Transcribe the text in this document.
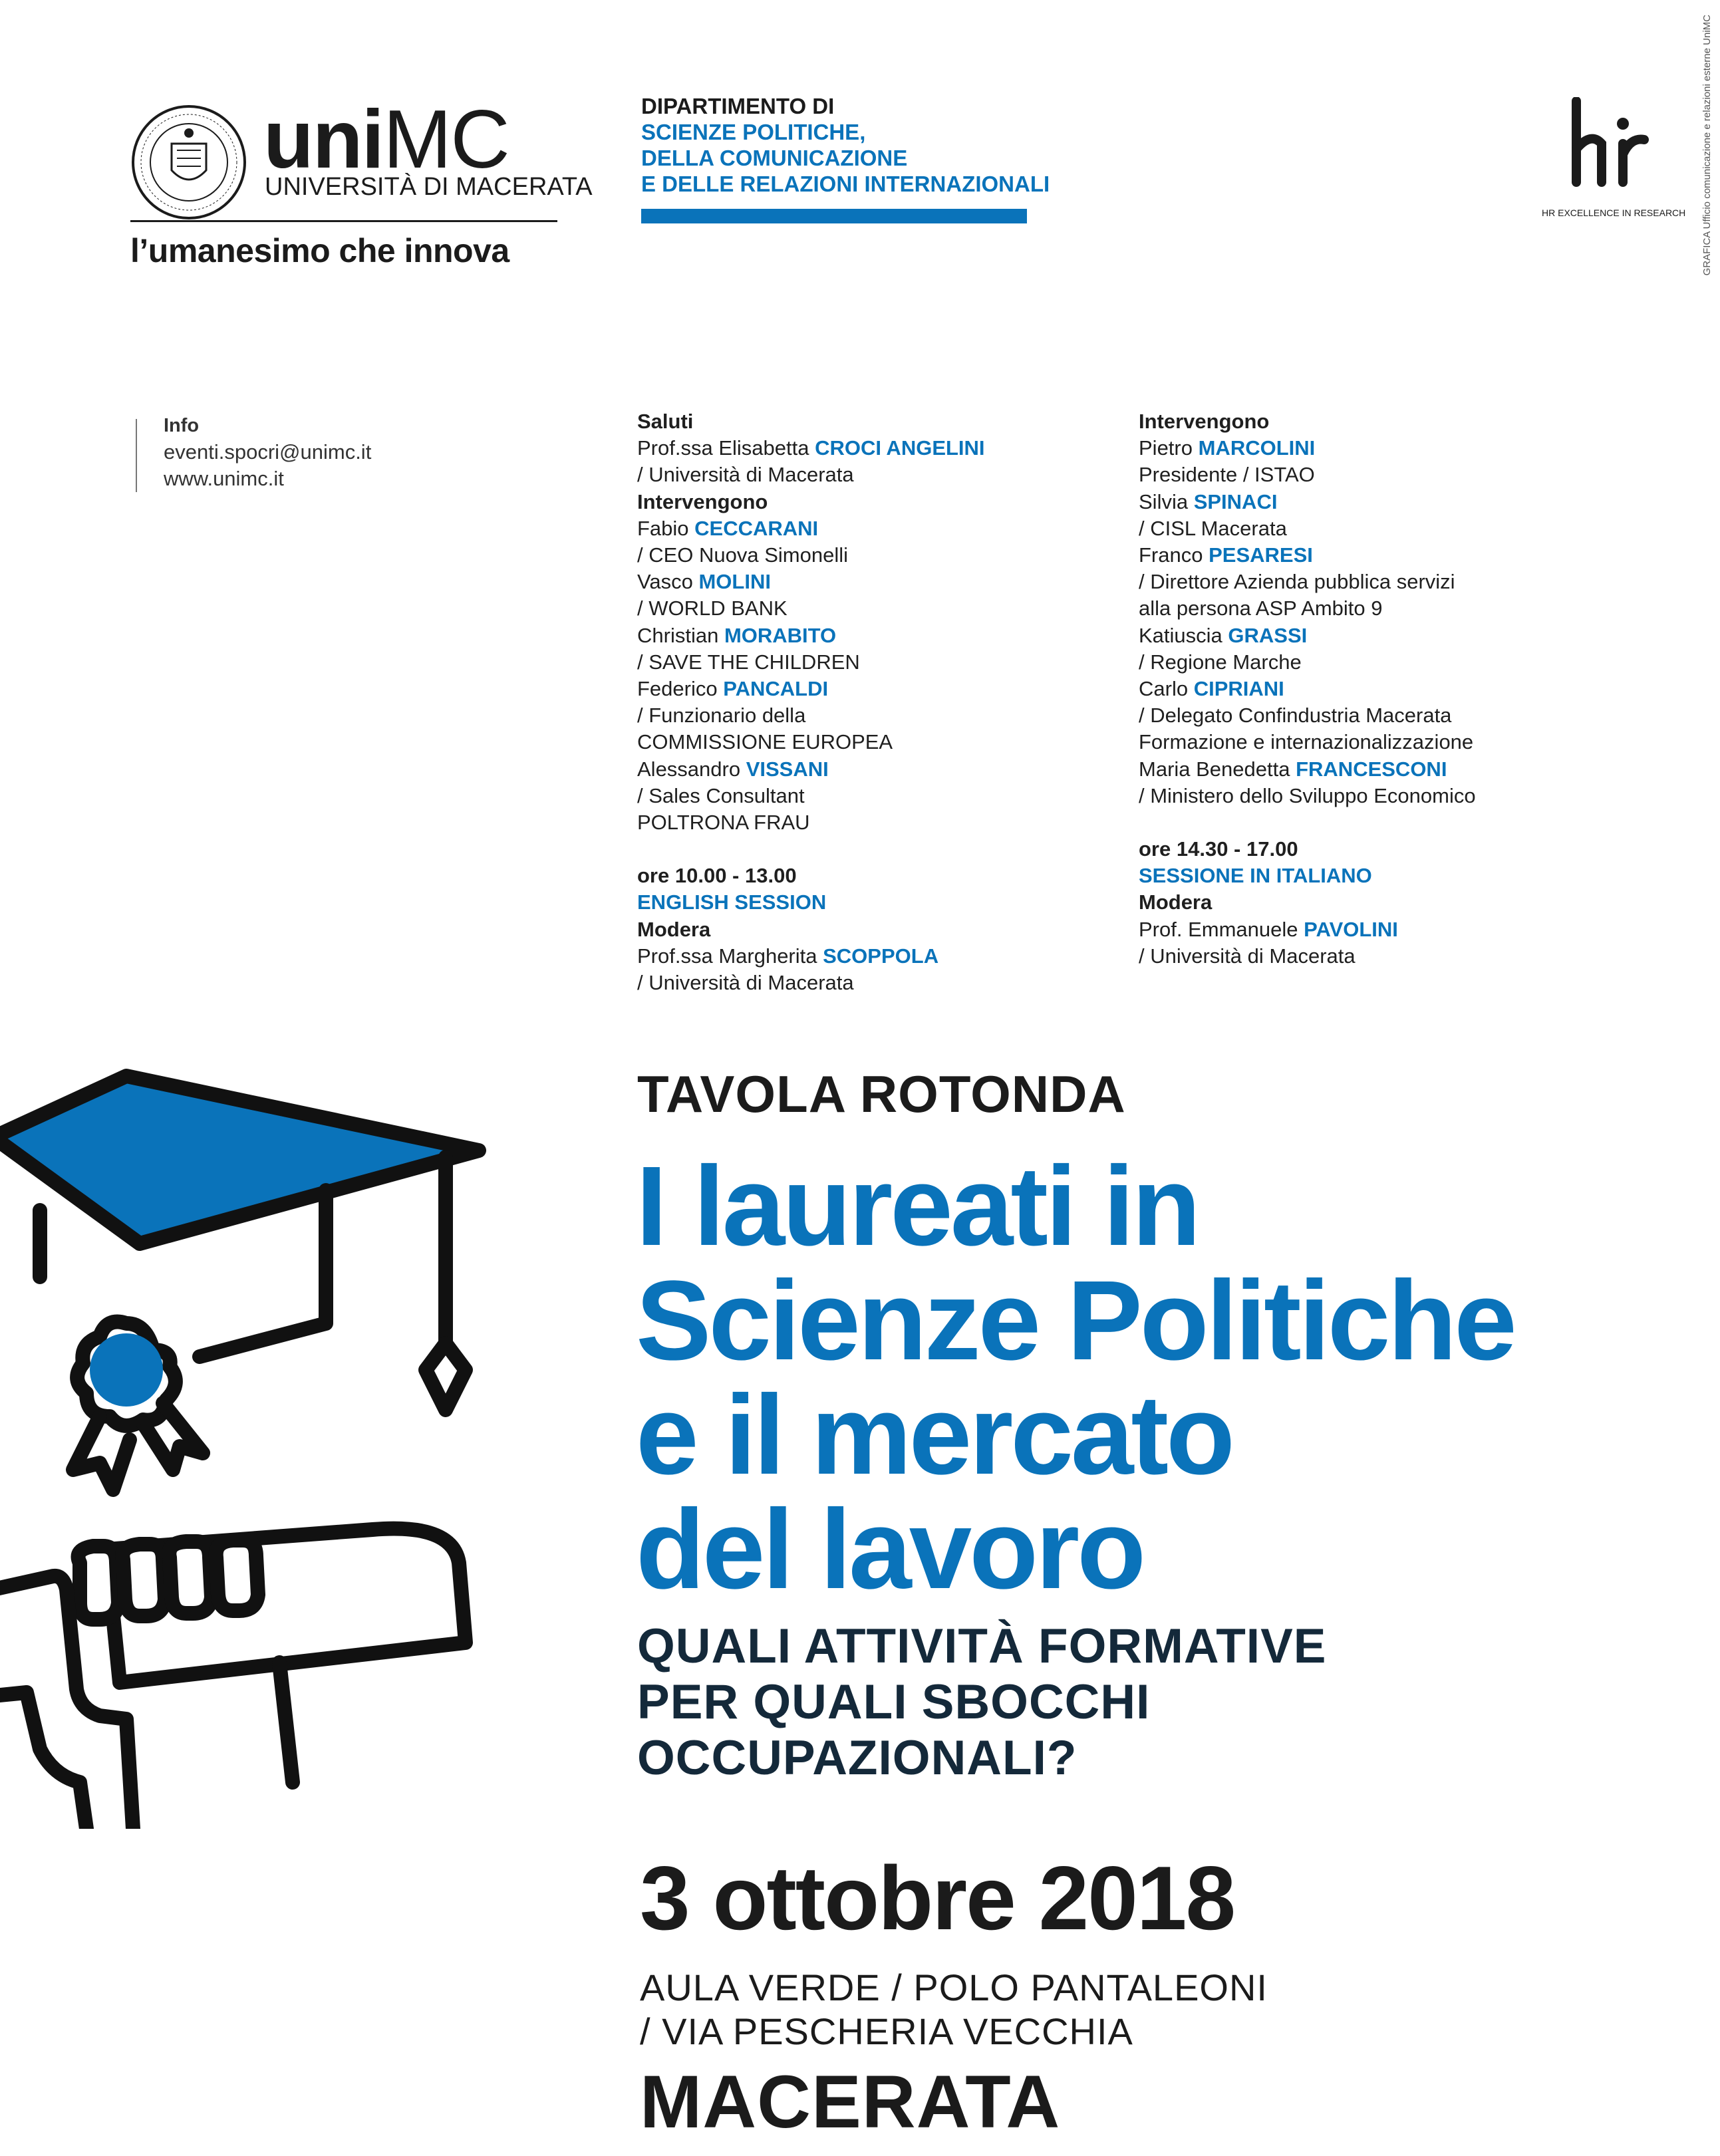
uniMC
UNIVERSITÀ DI MACERATA
l’umanesimo che innova
DIPARTIMENTO DI
SCIENZE POLITICHE,
DELLA COMUNICAZIONE
E DELLE RELAZIONI INTERNAZIONALI
HR EXCELLENCE IN RESEARCH GRAFICA Ufficio comunicazione e relazioni esterne UniMC
Info
eventi.spocri@unimc.it
www.unimc.it
Saluti
Prof.ssa Elisabetta CROCI ANGELINI
/ Università di Macerata
Intervengono
Fabio CECCARANI
/ CEO Nuova Simonelli
Vasco MOLINI
/ WORLD BANK
Christian MORABITO
/ SAVE THE CHILDREN
Federico PANCALDI
/ Funzionario della
COMMISSIONE EUROPEA
Alessandro VISSANI
/ Sales Consultant
POLTRONA FRAU
ore 10.00 - 13.00
ENGLISH SESSION
Modera
Prof.ssa Margherita SCOPPOLA
/ Università di Macerata
Intervengono
Pietro MARCOLINI
Presidente / ISTAO
Silvia SPINACI
/ CISL Macerata
Franco PESARESI
/ Direttore Azienda pubblica servizi
alla persona ASP Ambito 9
Katiuscia GRASSI
/ Regione Marche
Carlo CIPRIANI
/ Delegato Confindustria Macerata
Formazione e internazionalizzazione
Maria Benedetta FRANCESCONI
/ Ministero dello Sviluppo Economico
ore 14.30 - 17.00
SESSIONE IN ITALIANO
Modera
Prof. Emmanuele PAVOLINI
/ Università di Macerata
TAVOLA ROTONDA
I laureati in
Scienze Politiche
e il mercato
del lavoro
QUALI ATTIVITÀ FORMATIVE
PER QUALI SBOCCHI
OCCUPAZIONALI?
3 ottobre 2018
AULA VERDE / POLO PANTALEONI
/ VIA PESCHERIA VECCHIA
MACERATA
